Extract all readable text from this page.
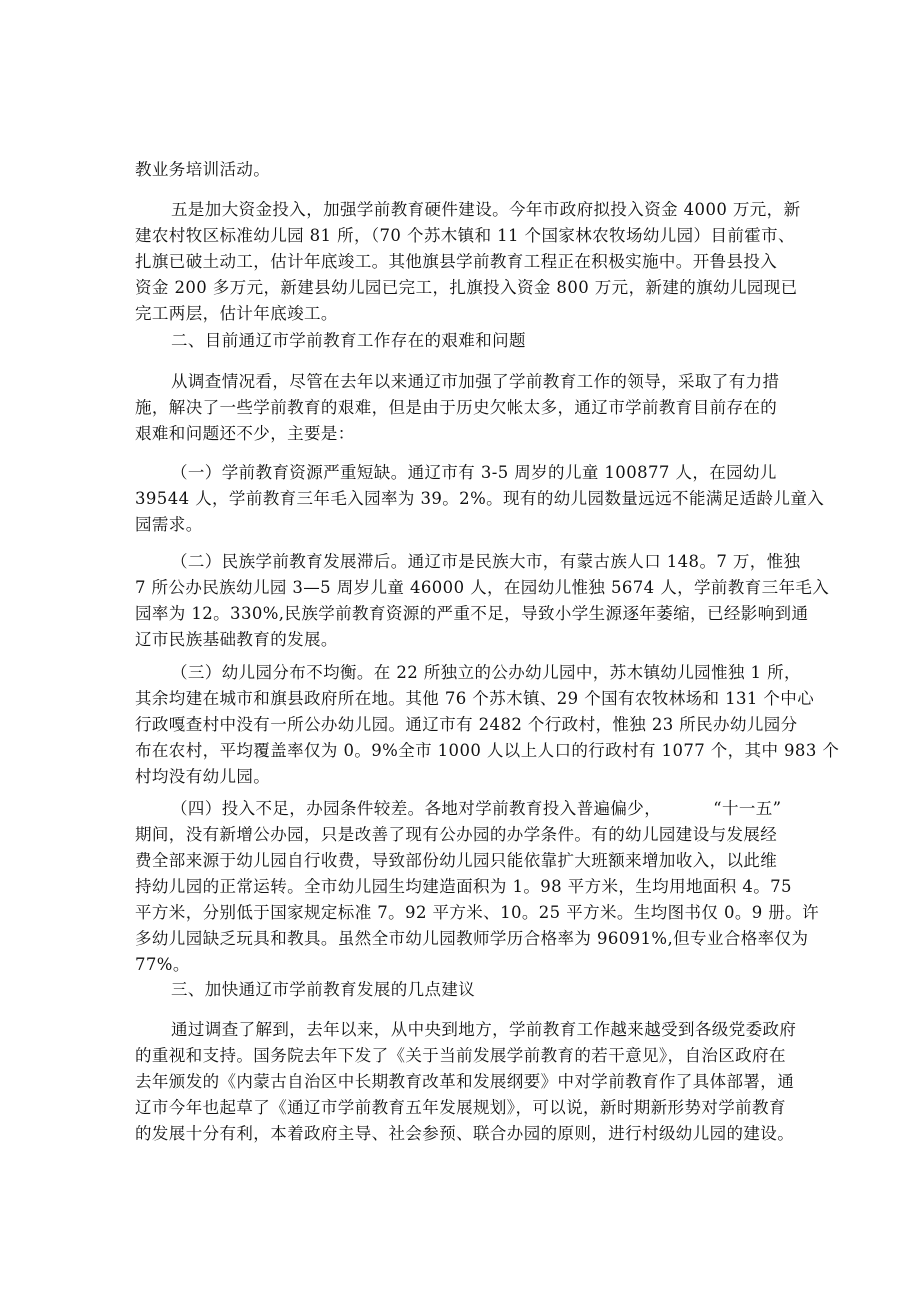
教业务培训活动。

五是加大资金投入，加强学前教育硬件建设。今年市政府拟投入资金 4000 万元，新
建农村牧区标准幼儿园 81 所，（70 个苏木镇和 11 个国家林农牧场幼儿园）目前霍市、
扎旗已破土动工，估计年底竣工。其他旗县学前教育工程正在积极实施中。开鲁县投入
资金 200 多万元，新建县幼儿园已完工，扎旗投入资金 800 万元，新建的旗幼儿园现已
完工两层，估计年底竣工。

二、目前通辽市学前教育工作存在的艰难和问题

从调查情况看，尽管在去年以来通辽市加强了学前教育工作的领导，采取了有力措
施，解决了一些学前教育的艰难，但是由于历史欠帐太多，通辽市学前教育目前存在的
艰难和问题还不少，主要是：

（一）学前教育资源严重短缺。通辽市有 3-5 周岁的儿童 100877 人，在园幼儿
39544 人，学前教育三年毛入园率为 39。2%。现有的幼儿园数量远远不能满足适龄儿童入
园需求。

（二）民族学前教育发展滞后。通辽市是民族大市，有蒙古族人口 148。7 万，惟独
7 所公办民族幼儿园 3—5 周岁儿童 46000 人，在园幼儿惟独 5674 人，学前教育三年毛入
园率为 12。330%,民族学前教育资源的严重不足，导致小学生源逐年萎缩，已经影响到通
辽市民族基础教育的发展。

（三）幼儿园分布不均衡。在 22 所独立的公办幼儿园中，苏木镇幼儿园惟独 1 所，
其余均建在城市和旗县政府所在地。其他 76 个苏木镇、29 个国有农牧林场和 131 个中心
行政嘎查村中没有一所公办幼儿园。通辽市有 2482 个行政村，惟独 23 所民办幼儿园分
布在农村，平均覆盖率仅为 0。9%全市 1000 人以上人口的行政村有 1077 个，其中 983 个
村均没有幼儿园。

（四）投入不足，办园条件较差。各地对学前教育投入普遍偏少，	“十一五”
期间，没有新增公办园，只是改善了现有公办园的办学条件。有的幼儿园建设与发展经
费全部来源于幼儿园自行收费，导致部份幼儿园只能依靠扩大班额来增加收入，以此维
持幼儿园的正常运转。全市幼儿园生均建造面积为 1。98 平方米，生均用地面积 4。75
平方米，分别低于国家规定标准 7。92 平方米、10。25 平方米。生均图书仅 0。9 册。许
多幼儿园缺乏玩具和教具。虽然全市幼儿园教师学历合格率为 96091%,但专业合格率仅为
77%。

三、加快通辽市学前教育发展的几点建议

通过调查了解到，去年以来，从中央到地方，学前教育工作越来越受到各级党委政府
的重视和支持。国务院去年下发了《关于当前发展学前教育的若干意见》，自治区政府在
去年颁发的《内蒙古自治区中长期教育改革和发展纲要》中对学前教育作了具体部署，通
辽市今年也起草了《通辽市学前教育五年发展规划》，可以说，新时期新形势对学前教育
的发展十分有利，本着政府主导、社会参预、联合办园的原则，进行村级幼儿园的建设。
